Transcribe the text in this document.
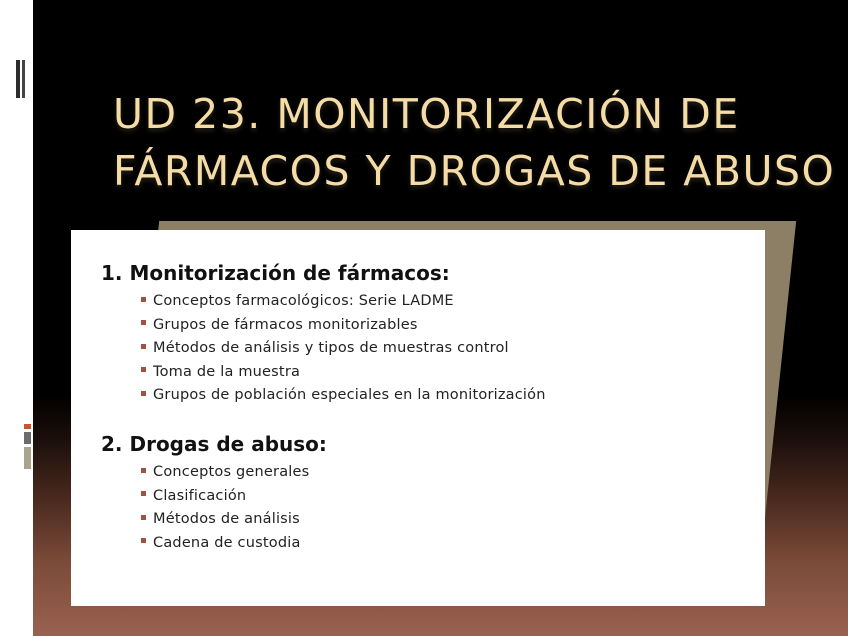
UD 23. MONITORIZACIÓN DE
FÁRMACOS Y DROGAS DE ABUSO
1. Monitorización de fármacos:
Conceptos farmacológicos: Serie LADME
Grupos de fármacos monitorizables
Métodos de análisis y tipos de muestras control
Toma de la muestra
Grupos de población especiales en la monitorización
2. Drogas de abuso:
Conceptos generales
Clasificación
Métodos de análisis
Cadena de custodia
